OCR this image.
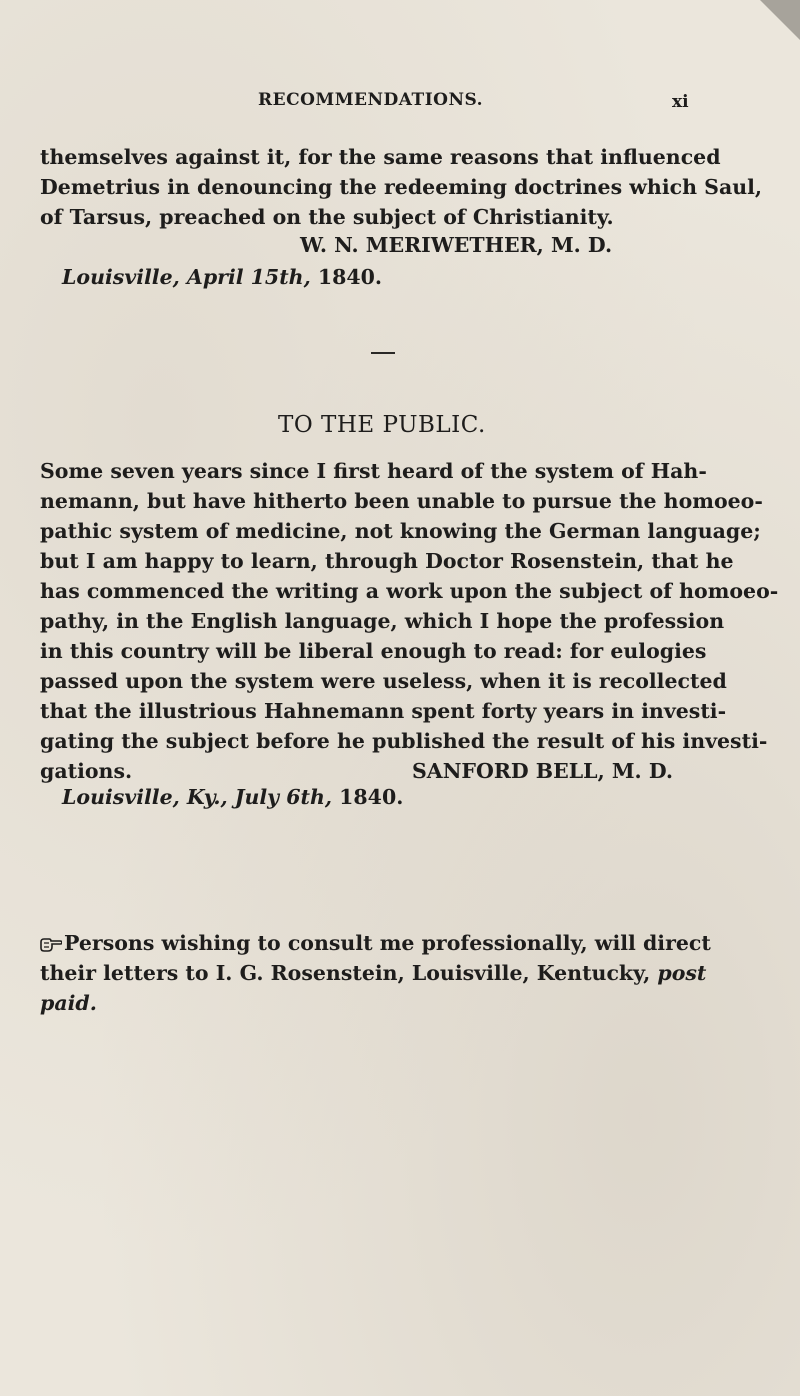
RECOMMENDATIONS.	xi
themselves against it, for the same reasons that influenced
Demetrius in denouncing the redeeming doctrines which Saul,
of Tarsus, preached on the subject of Christianity.
W. N. MERIWETHER, M. D.
Louisville, April 15th, 1840.
TO THE PUBLIC.
Some seven years since I first heard of the system of Hah-
nemann, but have hitherto been unable to pursue the homoeo-
pathic system of medicine, not knowing the German language;
but I am happy to learn, through Doctor Rosenstein, that he
has commenced the writing a work upon the subject of homoeo-
pathy, in the English language, which I hope the profession
in this country will be liberal enough to read: for eulogies
passed upon the system were useless, when it is recollected
that the illustrious Hahnemann spent forty years in investi-
gating the subject before he published the result of his investi-
gations.	SANFORD BELL, M. D.
Louisville, Ky., July 6th, 1840.
Persons wishing to consult me professionally, will direct
their letters to I. G. Rosenstein, Louisville, Kentucky, post
paid.
